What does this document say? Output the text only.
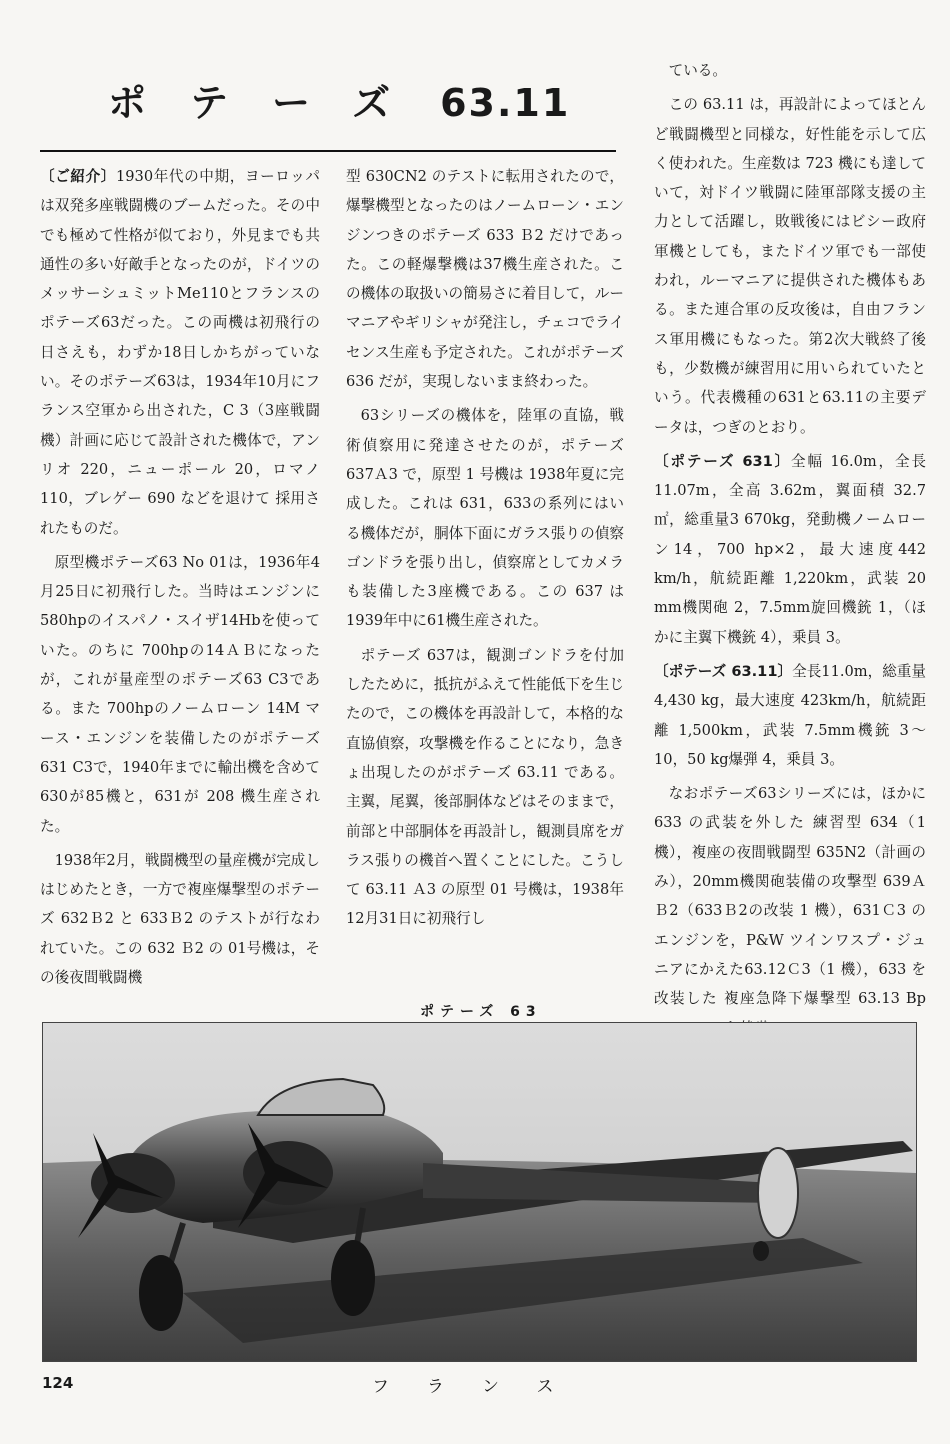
ポテーズ 63.11

〔ご紹介〕1930年代の中期，ヨーロッパは双発多座戦闘機のブームだった。その中でも極めて性格が似ており，外見までも共通性の多い好敵手となったのが，ドイツのメッサーシュミットMe110とフランスのポテーズ63だった。この両機は初飛行の日さえも，わずか18日しかちがっていない。そのポテーズ63は，1934年10月にフランス空軍から出された，C 3（3座戦闘機）計画に応じて設計された機体で，アンリオ 220，ニューポール 20，ロマノ 110，ブレゲー 690 などを退けて 採用されたものだ。

原型機ポテーズ63 No 01は，1936年4月25日に初飛行した。当時はエンジンに580hpのイスパノ・スイザ14Hbを使っていた。のちに 700hpの14ＡＢになったが，これが量産型のポテーズ63 C3である。また 700hpのノームローン 14M マース・エンジンを装備したのがポテーズ 631 C3で，1940年までに輸出機を含めて 630が85機と，631が 208 機生産された。

1938年2月，戦闘機型の量産機が完成しはじめたとき，一方で複座爆撃型のポテーズ 632Ｂ2 と 633Ｂ2 のテストが行なわれていた。この 632 Ｂ2 の 01号機は，その後夜間戦闘機

型 630CN2 のテストに転用されたので，爆撃機型となったのはノームローン・エンジンつきのポテーズ 633 Ｂ2 だけであった。この軽爆撃機は37機生産された。この機体の取扱いの簡易さに着目して，ルーマニアやギリシャが発注し，チェコでライセンス生産も予定された。これがポテーズ 636 だが，実現しないまま終わった。

63シリーズの機体を，陸軍の直協，戦術偵察用に発達させたのが，ポテーズ 637Ａ3 で，原型 1 号機は 1938年夏に完成した。これは 631，633の系列にはいる機体だが，胴体下面にガラス張りの偵察ゴンドラを張り出し，偵察席としてカメラも装備した3座機である。この 637 は1939年中に61機生産された。

ポテーズ 637は，観測ゴンドラを付加したために，抵抗がふえて性能低下を生じたので，この機体を再設計して，本格的な直協偵察，攻撃機を作ることになり，急きょ出現したのがポテーズ 63.11 である。主翼，尾翼，後部胴体などはそのままで，前部と中部胴体を再設計し，観測員席をガラス張りの機首へ置くことにした。こうして 63.11 Ａ3 の原型 01 号機は，1938年12月31日に初飛行し

ている。

この 63.11 は，再設計によってほとんど戦闘機型と同様な，好性能を示して広く使われた。生産数は 723 機にも達していて，対ドイツ戦闘に陸軍部隊支援の主力として活躍し，敗戦後にはビシー政府軍機としても，またドイツ軍でも一部使われ，ルーマニアに提供された機体もある。また連合軍の反攻後は，自由フランス軍用機にもなった。第2次大戦終了後も，少数機が練習用に用いられていたという。代表機種の631と63.11の主要データは，つぎのとおり。

〔ポテーズ 631〕全幅 16.0m，全長 11.07m，全高 3.62m，翼面積 32.7㎡，総重量3 670kg，発動機ノームローン14，700 hp×2，最大速度442 km/h，航続距離 1,220km，武装 20 mm機関砲 2，7.5mm旋回機銃 1，（ほかに主翼下機銃 4），乗員 3。

〔ポテーズ 63.11〕全長11.0m，総重量 4,430 kg，最大速度 423km/h，航続距離 1,500km，武装 7.5mm機銃 3～10，50 kg爆弾 4，乗員 3。

なおポテーズ63シリーズには，ほかに 633 の武装を外した 練習型 634（1 機），複座の夜間戦闘型 635N2（計画のみ），20mm機関砲装備の攻撃型 639ＡＢ2（633Ｂ2の改装 1 機），631Ｃ3 のエンジンを，P&W ツインワスプ・ジュニアにかえた63.12Ｃ3（1 機），633 を改装した 複座急降下爆撃型 63.13 Bp

ポテーズ 63
124	フランス
